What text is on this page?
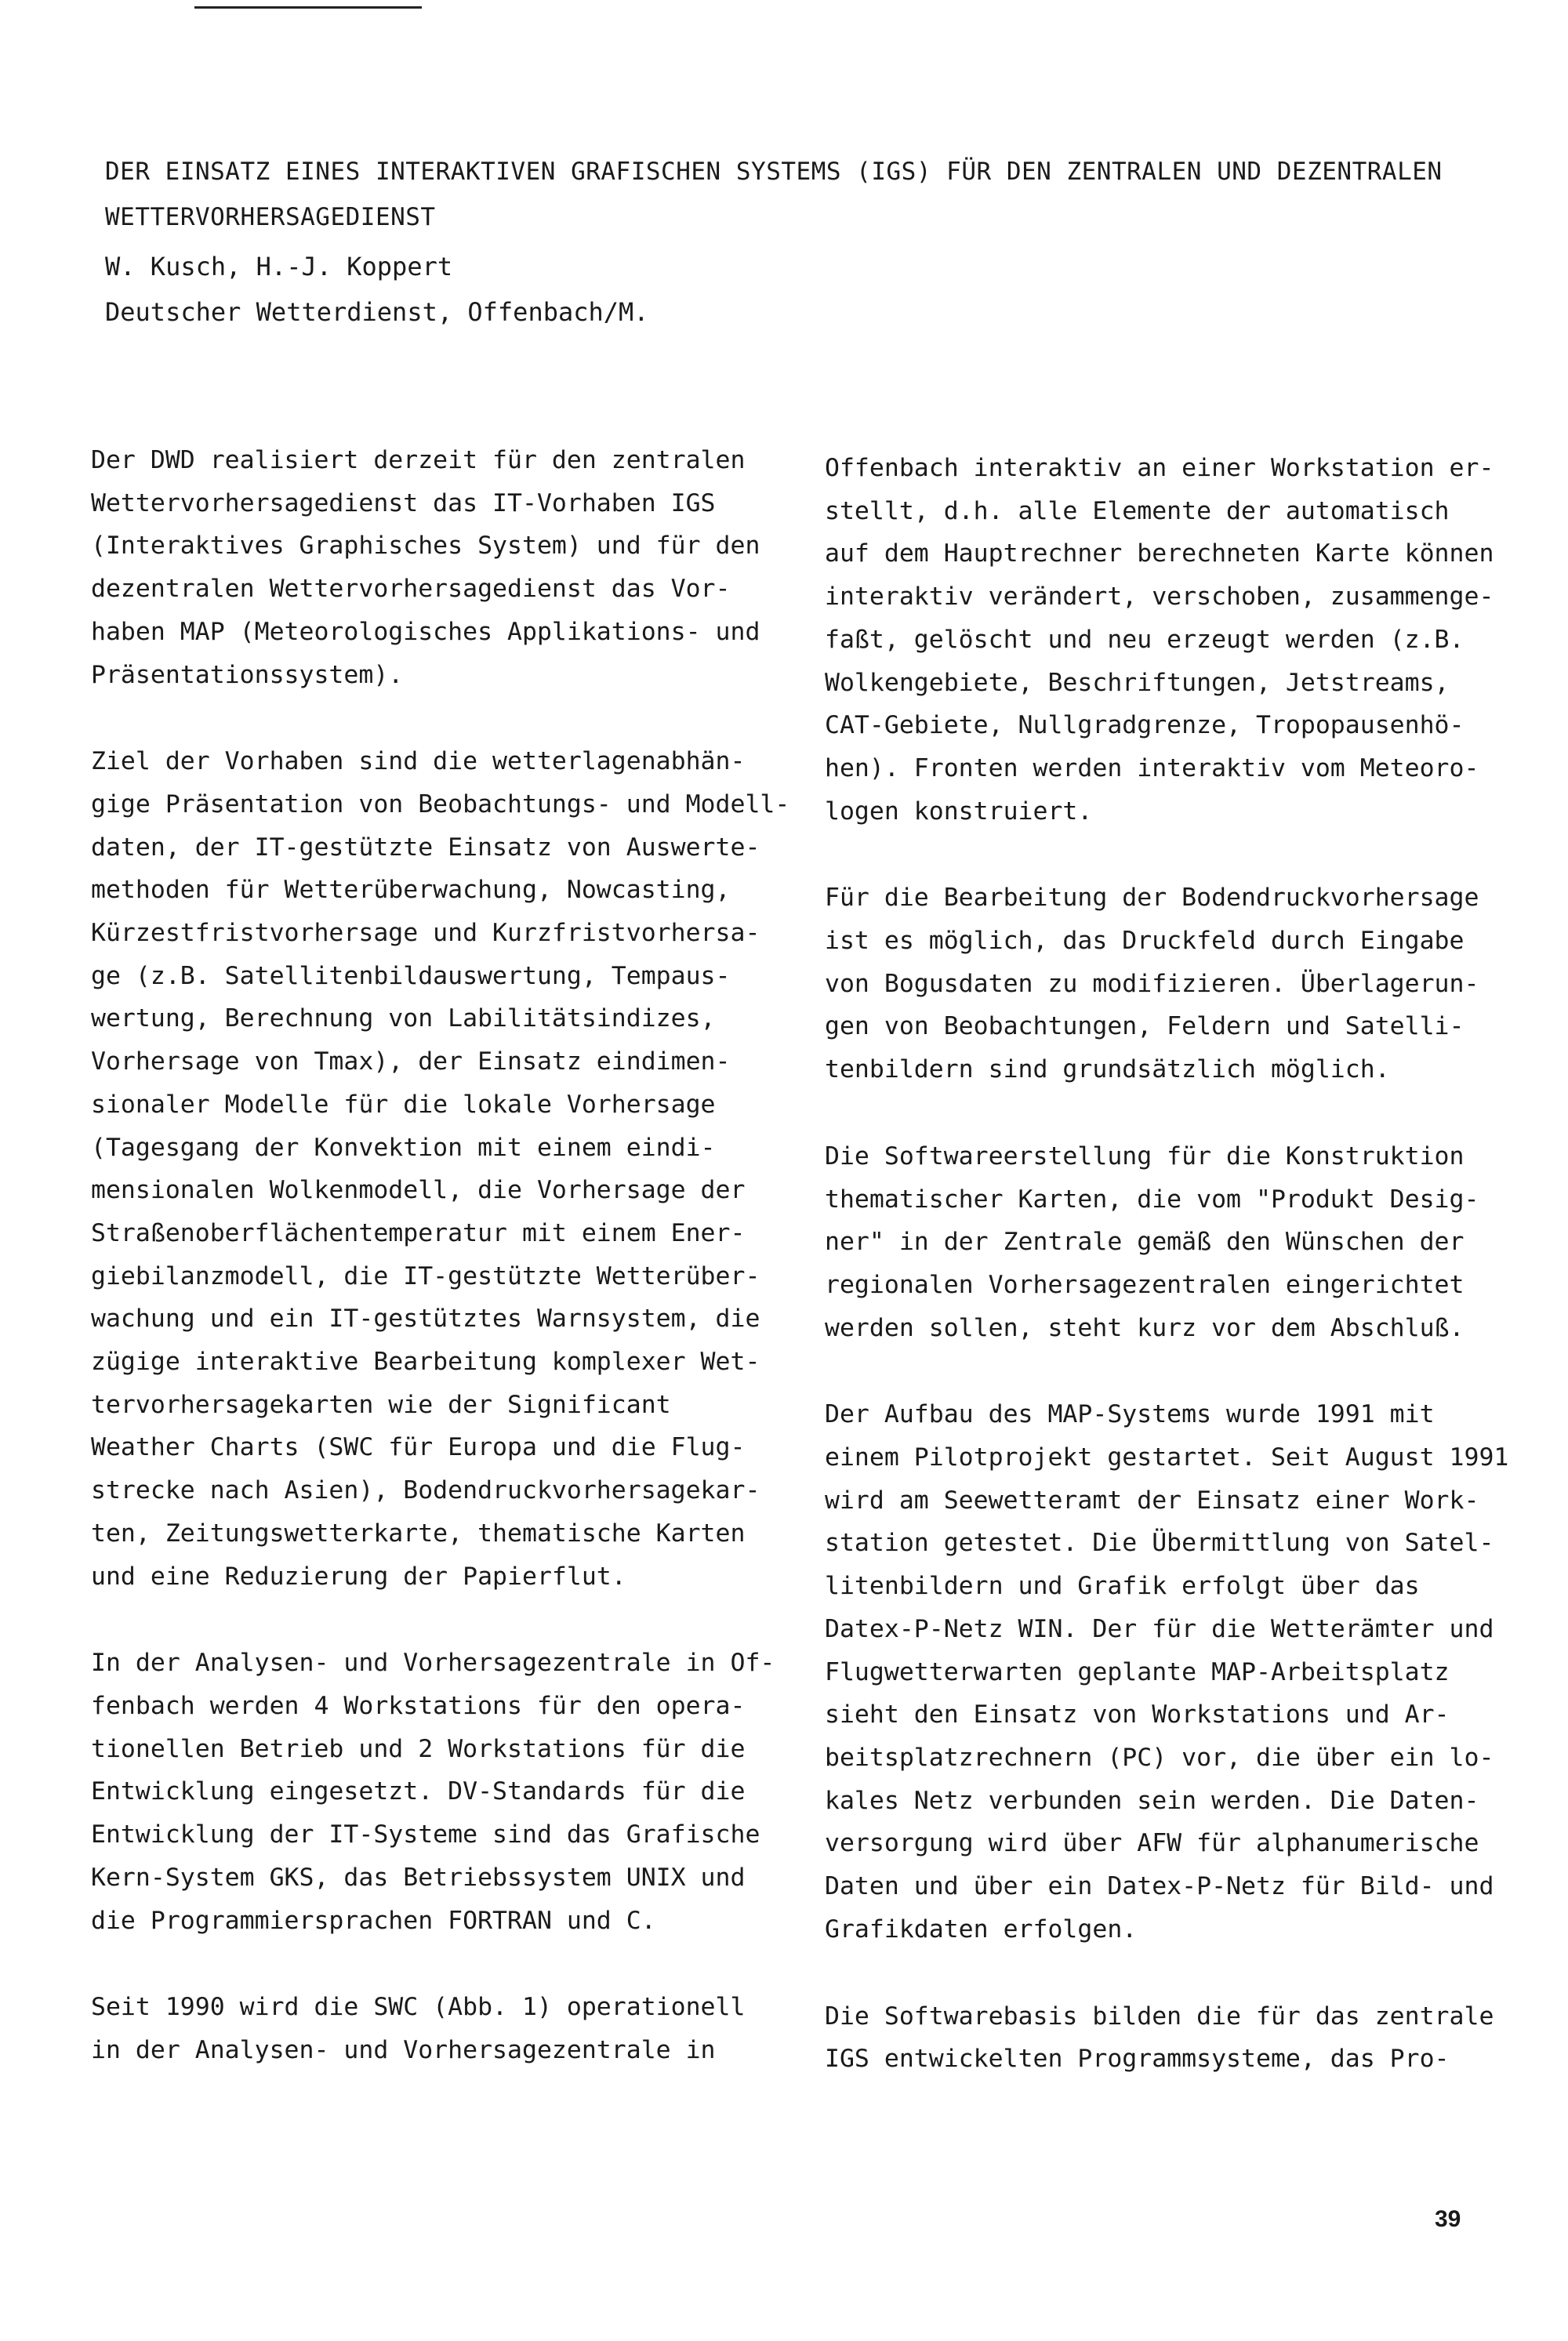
DER EINSATZ EINES INTERAKTIVEN GRAFISCHEN SYSTEMS (IGS) FÜR DEN ZENTRALEN UND DEZENTRALEN

WETTERVORHERSAGEDIENST

W. Kusch, H.-J. Koppert

Deutscher Wetterdienst, Offenbach/M.

Der DWD realisiert derzeit für den zentralen
Wettervorhersagedienst das IT-Vorhaben IGS
(Interaktives Graphisches System) und für den
dezentralen Wettervorhersagedienst das Vor-
haben MAP (Meteorologisches Applikations- und
Präsentationssystem).
Ziel der Vorhaben sind die wetterlagenabhän-
gige Präsentation von Beobachtungs- und Modell-
daten, der IT-gestützte Einsatz von Auswerte-
methoden für Wetterüberwachung, Nowcasting,
Kürzestfristvorhersage und Kurzfristvorhersa-
ge (z.B. Satellitenbildauswertung, Tempaus-
wertung, Berechnung von Labilitätsindizes,
Vorhersage von Tmax), der Einsatz eindimen-
sionaler Modelle für die lokale Vorhersage
(Tagesgang der Konvektion mit einem eindi-
mensionalen Wolkenmodell, die Vorhersage der
Straßenoberflächentemperatur mit einem Ener-
giebilanzmodell, die IT-gestützte Wetterüber-
wachung und ein IT-gestütztes Warnsystem, die
zügige interaktive Bearbeitung komplexer Wet-
tervorhersagekarten wie der Significant
Weather Charts (SWC für Europa und die Flug-
strecke nach Asien), Bodendruckvorhersagekar-
ten, Zeitungswetterkarte, thematische Karten
und eine Reduzierung der Papierflut.
In der Analysen- und Vorhersagezentrale in Of-
fenbach werden 4 Workstations für den opera-
tionellen Betrieb und 2 Workstations für die
Entwicklung eingesetzt. DV-Standards für die
Entwicklung der IT-Systeme sind das Grafische
Kern-System GKS, das Betriebssystem UNIX und
die Programmiersprachen FORTRAN und C.
Seit 1990 wird die SWC (Abb. 1) operationell
in der Analysen- und Vorhersagezentrale in
Offenbach interaktiv an einer Workstation er-
stellt, d.h. alle Elemente der automatisch
auf dem Hauptrechner berechneten Karte können
interaktiv verändert, verschoben, zusammenge-
faßt, gelöscht und neu erzeugt werden (z.B.
Wolkengebiete, Beschriftungen, Jetstreams,
CAT-Gebiete, Nullgradgrenze, Tropopausenhö-
hen). Fronten werden interaktiv vom Meteoro-
logen konstruiert.
Für die Bearbeitung der Bodendruckvorhersage
ist es möglich, das Druckfeld durch Eingabe
von Bogusdaten zu modifizieren. Überlagerun-
gen von Beobachtungen, Feldern und Satelli-
tenbildern sind grundsätzlich möglich.
Die Softwareerstellung für die Konstruktion
thematischer Karten, die vom "Produkt Desig-
ner" in der Zentrale gemäß den Wünschen der
regionalen Vorhersagezentralen eingerichtet
werden sollen, steht kurz vor dem Abschluß.
Der Aufbau des MAP-Systems wurde 1991 mit
einem Pilotprojekt gestartet. Seit August 1991
wird am Seewetteramt der Einsatz einer Work-
station getestet. Die Übermittlung von Satel-
litenbildern und Grafik erfolgt über das
Datex-P-Netz WIN. Der für die Wetterämter und
Flugwetterwarten geplante MAP-Arbeitsplatz
sieht den Einsatz von Workstations und Ar-
beitsplatzrechnern (PC) vor, die über ein lo-
kales Netz verbunden sein werden. Die Daten-
versorgung wird über AFW für alphanumerische
Daten und über ein Datex-P-Netz für Bild- und
Grafikdaten erfolgen.
Die Softwarebasis bilden die für das zentrale
IGS entwickelten Programmsysteme, das Pro-
39
